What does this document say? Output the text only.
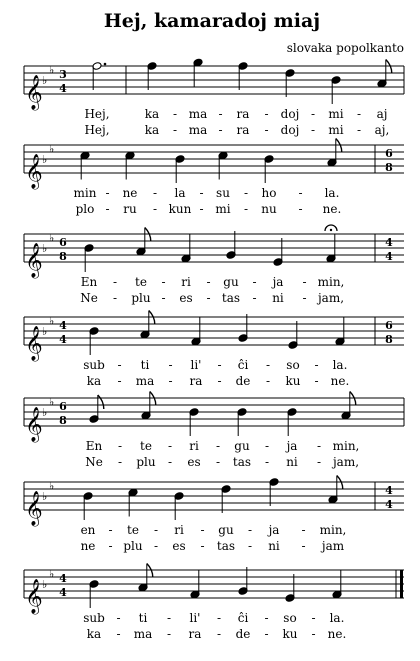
Hej, kamaradoj miaj
slovaka popolkanto
𝄞 ♭
♭ 3
4
Hej,	ka ma ra	doj mi	aj
-	-	-	-	-
Hej,	ka ma ra	doj mi	aj,
-	-	-	-	-
𝄞 ♭
♭	6
8
min ne	la	su	ho	la.
-	-	-	-	-
plo ru	kun mi	nu	ne.
-	-	-	-	-
𝄞 ♭
♭ 6
8
4
4
En	te	ri	gu	ja	min,
-	-	-	-	-
Ne	plu es tas	ni	jam,
-	-	-	-	-
𝄞 ♭
♭ 4
4
6
8
sub	ti	li'	ĉi	so	la.
-	-	-	-	-
ka	ma	ra	de	ku	ne.
-	-	-	-	-
𝄞 ♭
♭ 6
8
En	te	ri	gu	ja	min,
-	-	-	-	-
Ne	plu	es	tas	ni	jam,
-	-	-	-	-
𝄞 ♭
♭	4
4
en	te	ri	gu	ja	min,
-	-	-	-	-
ne plu es	tas	ni	jam
-	-	-	-	-
𝄞 ♭
♭ 4
4
sub	ti	li'	ĉi	so	la.
-	-	-	-	-
ka	ma	ra	de	ku	ne.
-	-	-	-	-
